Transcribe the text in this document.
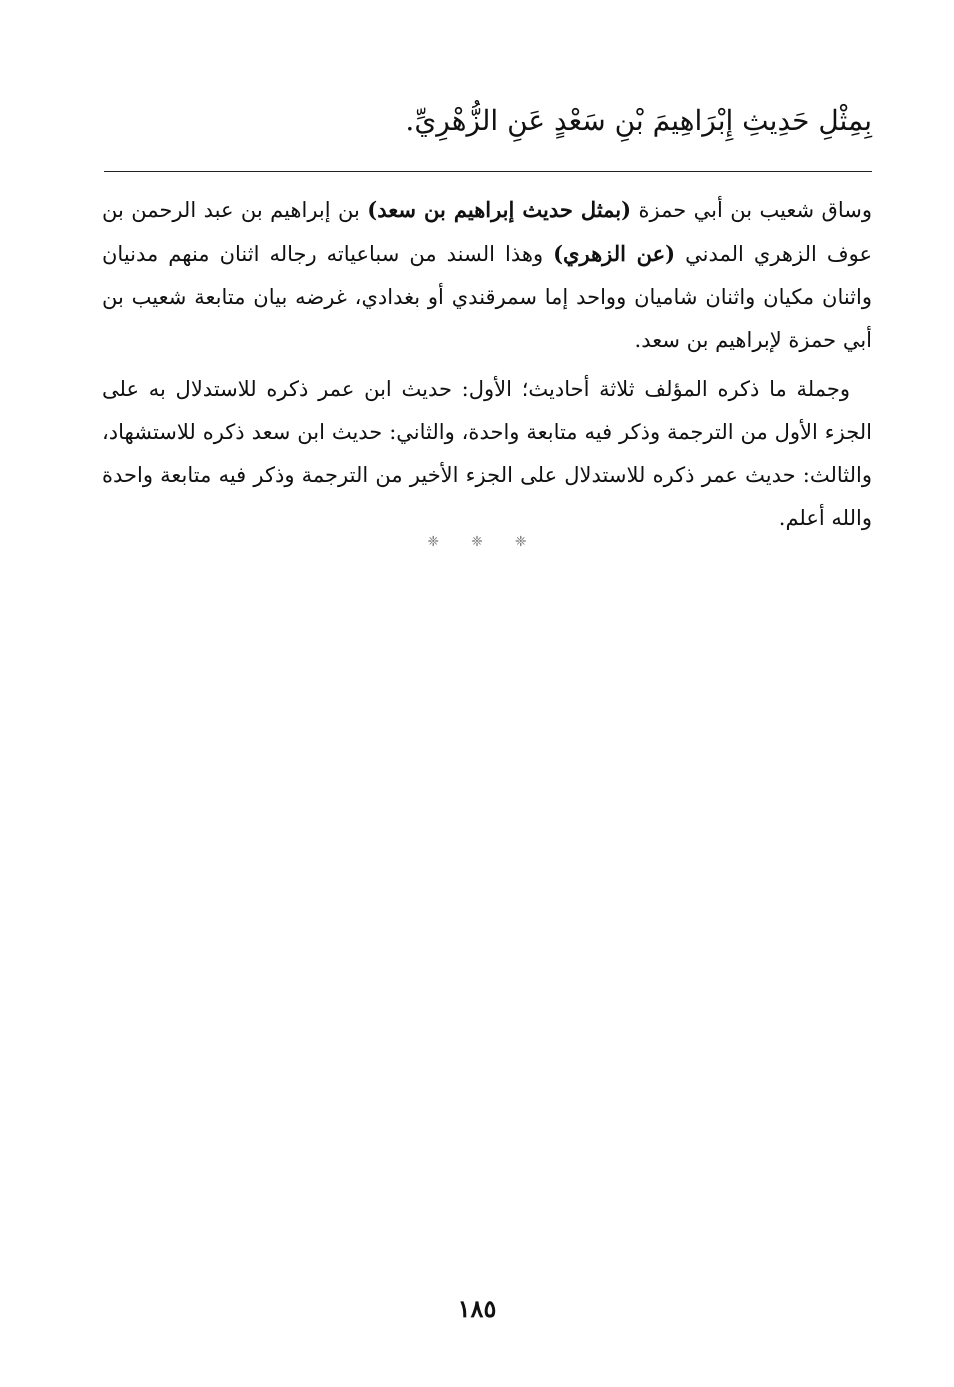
بِمِثْلِ حَدِيثِ إِبْرَاهِيمَ بْنِ سَعْدٍ عَنِ الزُّهْرِيِّ.

وساق شعيب بن أبي حمزة (بمثل حديث إبراهيم بن سعد) بن إبراهيم بن عبد الرحمن بن عوف الزهري المدني (عن الزهري) وهذا السند من سباعياته رجاله اثنان منهم مدنيان واثنان مكيان واثنان شاميان وواحد إما سمرقندي أو بغدادي، غرضه بيان متابعة شعيب بن أبي حمزة لإبراهيم بن سعد.

وجملة ما ذكره المؤلف ثلاثة أحاديث؛ الأول: حديث ابن عمر ذكره للاستدلال به على الجزء الأول من الترجمة وذكر فيه متابعة واحدة، والثاني: حديث ابن سعد ذكره للاستشهاد، والثالث: حديث عمر ذكره للاستدلال على الجزء الأخير من الترجمة وذكر فيه متابعة واحدة والله أعلم.

❈ ❈ ❈
١٨٥
